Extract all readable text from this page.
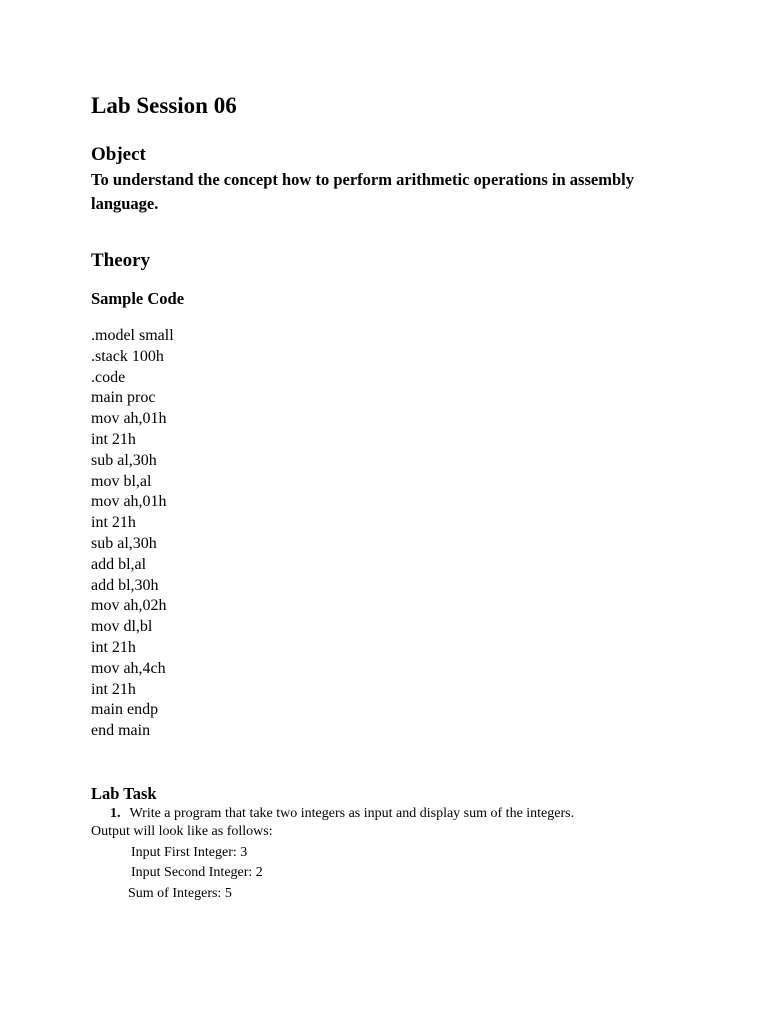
Lab Session 06
Object

To understand the concept how to perform arithmetic operations in assembly language.

Theory
Sample Code
.model small
.stack 100h
.code
main proc
mov ah,01h
int 21h
sub al,30h
mov bl,al
mov ah,01h
int 21h
sub al,30h
add bl,al
add bl,30h
mov ah,02h
mov dl,bl
int 21h
mov ah,4ch
int 21h
main endp
end main
Lab Task
1. Write a program that take two integers as input and display sum of the integers.
Output will look like as follows:
Input First Integer: 3
Input Second Integer: 2
Sum of Integers: 5
